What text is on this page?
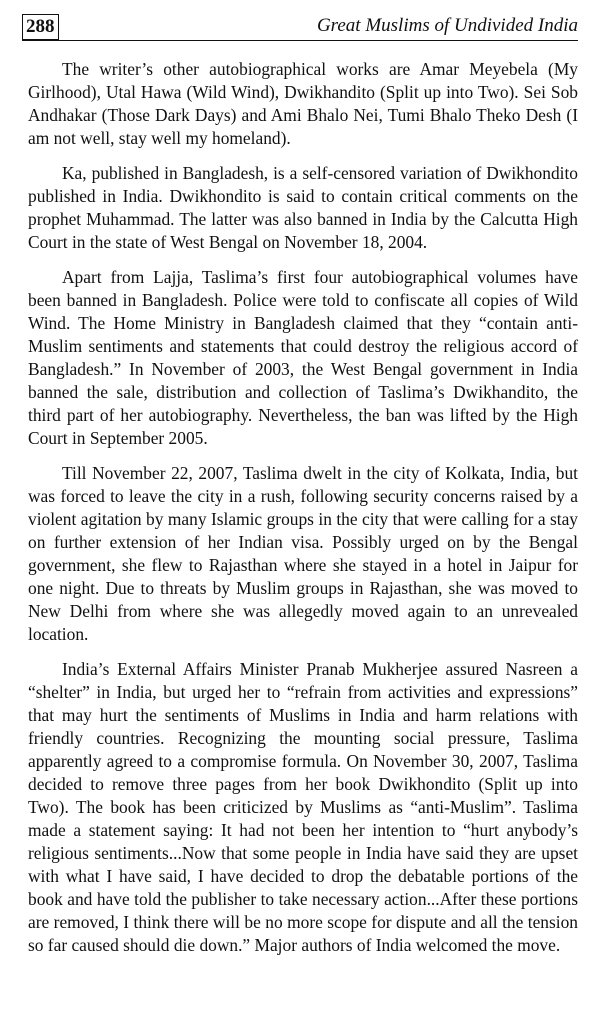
288	Great Muslims of Undivided India

The writer’s other autobiographical works are Amar Meyebela (My Girlhood), Utal Hawa (Wild Wind), Dwikhandito (Split up into Two). Sei Sob Andhakar (Those Dark Days) and Ami Bhalo Nei, Tumi Bhalo Theko Desh (I am not well, stay well my homeland).

Ka, published in Bangladesh, is a self-censored variation of Dwikhondito published in India. Dwikhondito is said to contain critical comments on the prophet Muhammad. The latter was also banned in India by the Calcutta High Court in the state of West Bengal on November 18, 2004.

Apart from Lajja, Taslima’s first four autobiographical volumes have been banned in Bangladesh. Police were told to confiscate all copies of Wild Wind. The Home Ministry in Bangladesh claimed that they “contain anti-Muslim sentiments and statements that could destroy the religious accord of Bangladesh.” In November of 2003, the West Bengal government in India banned the sale, distribution and collection of Taslima’s Dwikhandito, the third part of her autobiography. Nevertheless, the ban was lifted by the High Court in September 2005.

Till November 22, 2007, Taslima dwelt in the city of Kolkata, India, but was forced to leave the city in a rush, following security concerns raised by a violent agitation by many Islamic groups in the city that were calling for a stay on further extension of her Indian visa. Possibly urged on by the Bengal government, she flew to Rajasthan where she stayed in a hotel in Jaipur for one night. Due to threats by Muslim groups in Rajasthan, she was moved to New Delhi from where she was allegedly moved again to an unrevealed location.

India’s External Affairs Minister Pranab Mukherjee assured Nasreen a “shelter” in India, but urged her to “refrain from activities and expressions” that may hurt the sentiments of Muslims in India and harm relations with friendly countries. Recognizing the mounting social pressure, Taslima apparently agreed to a compromise formula. On November 30, 2007, Taslima decided to remove three pages from her book Dwikhondito (Split up into Two). The book has been criticized by Muslims as “anti-Muslim”. Taslima made a statement saying: It had not been her intention to “hurt anybody’s religious sentiments...Now that some people in India have said they are upset with what I have said, I have decided to drop the debatable portions of the book and have told the publisher to take necessary action...After these portions are removed, I think there will be no more scope for dispute and all the tension so far caused should die down.” Major authors of India welcomed the move.
